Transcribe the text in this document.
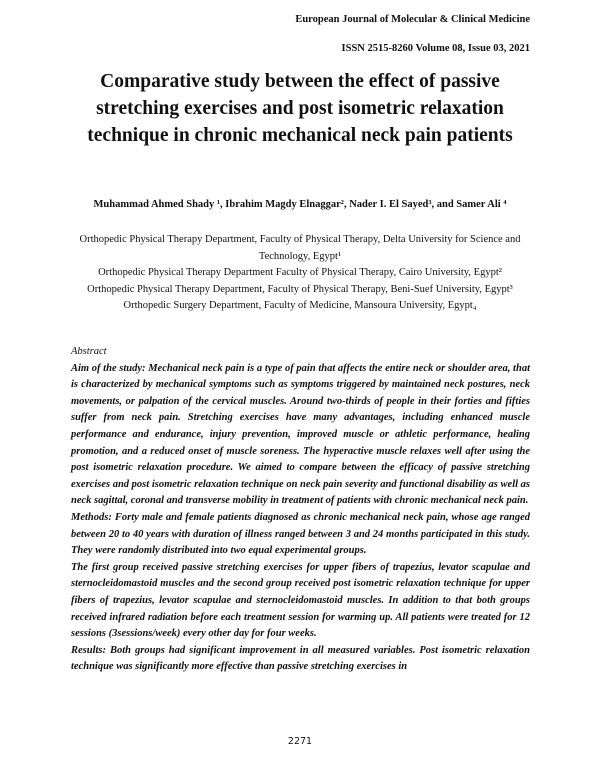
European Journal of Molecular & Clinical Medicine
ISSN 2515-8260 Volume 08, Issue 03, 2021
Comparative study between the effect of passive stretching exercises and post isometric relaxation technique in chronic mechanical neck pain patients
Muhammad Ahmed Shady ¹, Ibrahim Magdy Elnaggar², Nader I. El Sayed³, and Samer Ali ⁴
Orthopedic Physical Therapy Department, Faculty of Physical Therapy, Delta University for Science and Technology, Egypt¹
Orthopedic Physical Therapy Department Faculty of Physical Therapy, Cairo University, Egypt²
Orthopedic Physical Therapy Department, Faculty of Physical Therapy, Beni-Suef University, Egypt³
Orthopedic Surgery Department, Faculty of Medicine, Mansoura University, Egypt₄

Abstract

Aim of the study: Mechanical neck pain is a type of pain that affects the entire neck or shoulder area, that is characterized by mechanical symptoms such as symptoms triggered by maintained neck postures, neck movements, or palpation of the cervical muscles. Around two-thirds of people in their forties and fifties suffer from neck pain. Stretching exercises have many advantages, including enhanced muscle performance and endurance, injury prevention, improved muscle or athletic performance, healing promotion, and a reduced onset of muscle soreness. The hyperactive muscle relaxes well after using the post isometric relaxation procedure. We aimed to compare between the efficacy of passive stretching exercises and post isometric relaxation technique on neck pain severity and functional disability as well as neck sagittal, coronal and transverse mobility in treatment of patients with chronic mechanical neck pain.

Methods: Forty male and female patients diagnosed as chronic mechanical neck pain, whose age ranged between 20 to 40 years with duration of illness ranged between 3 and 24 months participated in this study. They were randomly distributed into two equal experimental groups.

The first group received passive stretching exercises for upper fibers of trapezius, levator scapulae and sternocleidomastoid muscles and the second group received post isometric relaxation technique for upper fibers of trapezius, levator scapulae and sternocleidomastoid muscles. In addition to that both groups received infrared radiation before each treatment session for warming up. All patients were treated for 12 sessions (3sessions/week) every other day for four weeks.

Results: Both groups had significant improvement in all measured variables. Post isometric relaxation technique was significantly more effective than passive stretching exercises in

2271
